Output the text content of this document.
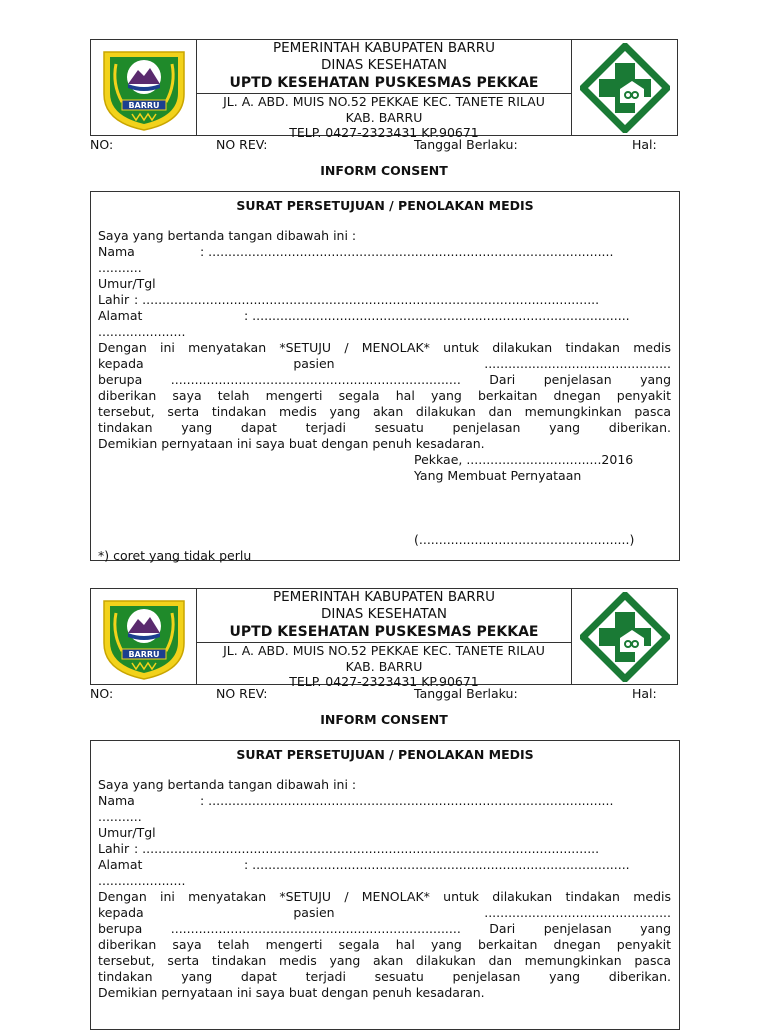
BARRU
PEMERINTAH KABUPATEN BARRU
DINAS KESEHATAN
UPTD KESEHATAN PUSKESMAS PEKKAE
JL. A. ABD. MUIS NO.52 PEKKAE KEC. TANETE RILAU
KAB. BARRU
TELP. 0427-2323431 KP.90671
NO:	NO REV:	Tanggal Berlaku:	Hal:
INFORM CONSENT
SURAT PERSETUJUAN / PENOLAKAN MEDIS
Saya yang bertanda tangan dibawah ini :
Nama	: ......................................................................................................
...........
Umur/Tgl
Lahir : ...................................................................................................................
Alamat	: ...............................................................................................
......................
Dengan ini menyatakan *SETUJU / MENOLAK* untuk dilakukan tindakan medis
kepada	pasien	...............................................
berupa ......................................................................... Dari penjelasan yang
diberikan saya telah mengerti segala hal yang berkaitan dnegan penyakit
tersebut, serta tindakan medis yang akan dilakukan dan memungkinkan pasca
tindakan yang dapat terjadi sesuatu penjelasan yang diberikan.
Demikian pernyataan ini saya buat dengan penuh kesadaran.
Pekkae, ..................................2016
Yang Membuat Pernyataan
(.....................................................)
*) coret yang tidak perlu
BARRU
PEMERINTAH KABUPATEN BARRU
DINAS KESEHATAN
UPTD KESEHATAN PUSKESMAS PEKKAE
JL. A. ABD. MUIS NO.52 PEKKAE KEC. TANETE RILAU
KAB. BARRU
TELP. 0427-2323431 KP.90671
NO:	NO REV:	Tanggal Berlaku:	Hal:
INFORM CONSENT
SURAT PERSETUJUAN / PENOLAKAN MEDIS
Saya yang bertanda tangan dibawah ini :
Nama	: ......................................................................................................
...........
Umur/Tgl
Lahir : ...................................................................................................................
Alamat	: ...............................................................................................
......................
Dengan ini menyatakan *SETUJU / MENOLAK* untuk dilakukan tindakan medis
kepada	pasien	...............................................
berupa ......................................................................... Dari penjelasan yang
diberikan saya telah mengerti segala hal yang berkaitan dnegan penyakit
tersebut, serta tindakan medis yang akan dilakukan dan memungkinkan pasca
tindakan yang dapat terjadi sesuatu penjelasan yang diberikan.
Demikian pernyataan ini saya buat dengan penuh kesadaran.
